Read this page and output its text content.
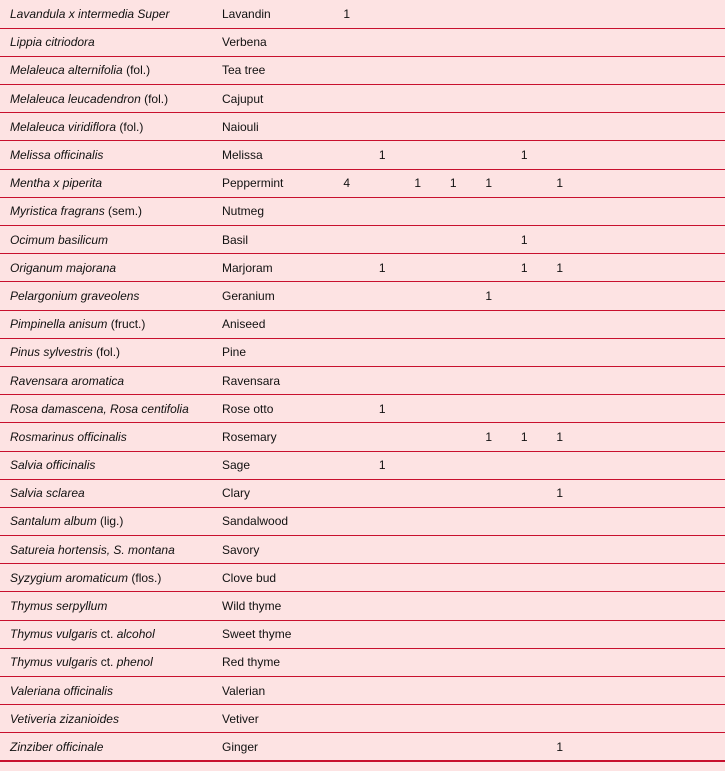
Lavandula x intermedia Super	Lavandin	1							
Lippia citriodora	Verbena								
Melaleuca alternifolia (fol.)	Tea tree								
Melaleuca leucadendron (fol.)	Cajuput								
Melaleuca viridiflora (fol.)	Naiouli								
Melissa officinalis	Melissa		1				1		
Mentha x piperita	Peppermint	4		1	1	1		1	
Myristica fragrans (sem.)	Nutmeg								
Ocimum basilicum	Basil						1		
Origanum majorana	Marjoram		1				1	1	
Pelargonium graveolens	Geranium					1			
Pimpinella anisum (fruct.)	Aniseed								
Pinus sylvestris (fol.)	Pine								
Ravensara aromatica	Ravensara								
Rosa damascena, Rosa centifolia	Rose otto		1						
Rosmarinus officinalis	Rosemary					1	1	1	
Salvia officinalis	Sage		1						
Salvia sclarea	Clary							1	
Santalum album (lig.)	Sandalwood								
Satureia hortensis, S. montana	Savory								
Syzygium aromaticum (flos.)	Clove bud								
Thymus serpyllum	Wild thyme								
Thymus vulgaris ct. alcohol	Sweet thyme								
Thymus vulgaris ct. phenol	Red thyme								
Valeriana officinalis	Valerian								
Vetiveria zizanioides	Vetiver								
Zinziber officinale	Ginger							1	
